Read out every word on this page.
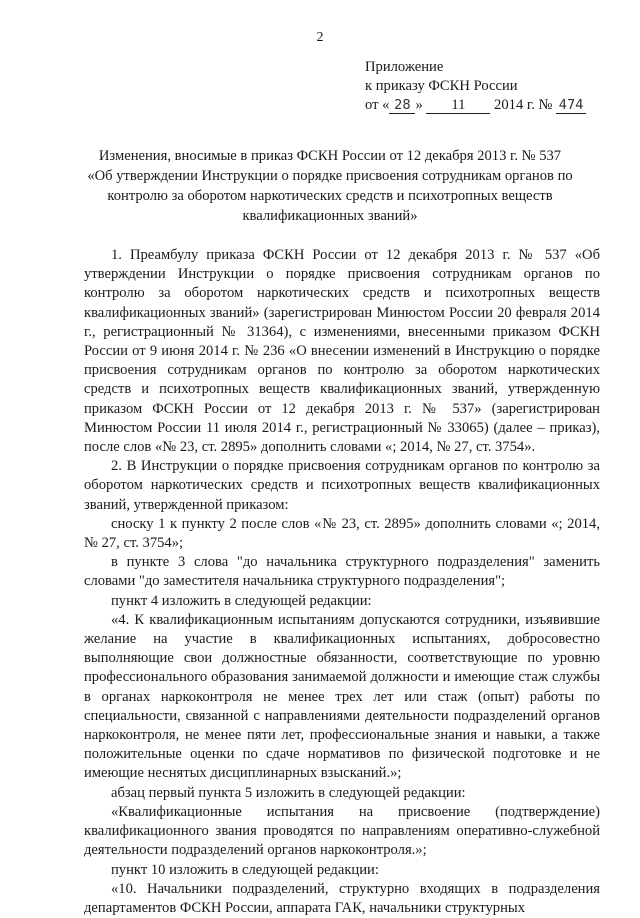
2
Приложение
к приказу ФСКН России
от « 28 » 11 2014 г. № 474
Изменения, вносимые в приказ ФСКН России от 12 декабря 2013 г. № 537
«Об утверждении Инструкции о порядке присвоения сотрудникам органов по
контролю за оборотом наркотических средств и психотропных веществ
квалификационных званий»

1. Преамбулу приказа ФСКН России от 12 декабря 2013 г. № 537 «Об утверждении Инструкции о порядке присвоения сотрудникам органов по контролю за оборотом наркотических средств и психотропных веществ квалификационных званий» (зарегистрирован Минюстом России 20 февраля 2014 г., регистрационный № 31364), с изменениями, внесенными приказом ФСКН России от 9 июня 2014 г. № 236 «О внесении изменений в Инструкцию о порядке присвоения сотрудникам органов по контролю за оборотом наркотических средств и психотропных веществ квалификационных званий, утвержденную приказом ФСКН России от 12 декабря 2013 г. № 537» (зарегистрирован Минюстом России 11 июля 2014 г., регистрационный № 33065) (далее – приказ), после слов «№ 23, ст. 2895» дополнить словами «; 2014, № 27, ст. 3754».

2. В Инструкции о порядке присвоения сотрудникам органов по контролю за оборотом наркотических средств и психотропных веществ квалификационных званий, утвержденной приказом:

сноску 1 к пункту 2 после слов «№ 23, ст. 2895» дополнить словами «; 2014, № 27, ст. 3754»;

в пункте 3 слова "до начальника структурного подразделения" заменить словами "до заместителя начальника структурного подразделения";

пункт 4 изложить в следующей редакции:

«4. К квалификационным испытаниям допускаются сотрудники, изъявившие желание на участие в квалификационных испытаниях, добросовестно выполняющие свои должностные обязанности, соответствующие по уровню профессионального образования занимаемой должности и имеющие стаж службы в органах наркоконтроля не менее трех лет или стаж (опыт) работы по специальности, связанной с направлениями деятельности подразделений органов наркоконтроля, не менее пяти лет, профессиональные знания и навыки, а также положительные оценки по сдаче нормативов по физической подготовке и не имеющие неснятых дисциплинарных взысканий.»;

абзац первый пункта 5 изложить в следующей редакции:

«Квалификационные испытания на присвоение (подтверждение) квалификационного звания проводятся по направлениям оперативно-служебной деятельности подразделений органов наркоконтроля.»;

пункт 10 изложить в следующей редакции:

«10. Начальники подразделений, структурно входящих в подразделения департаментов ФСКН России, аппарата ГАК, начальники структурных
